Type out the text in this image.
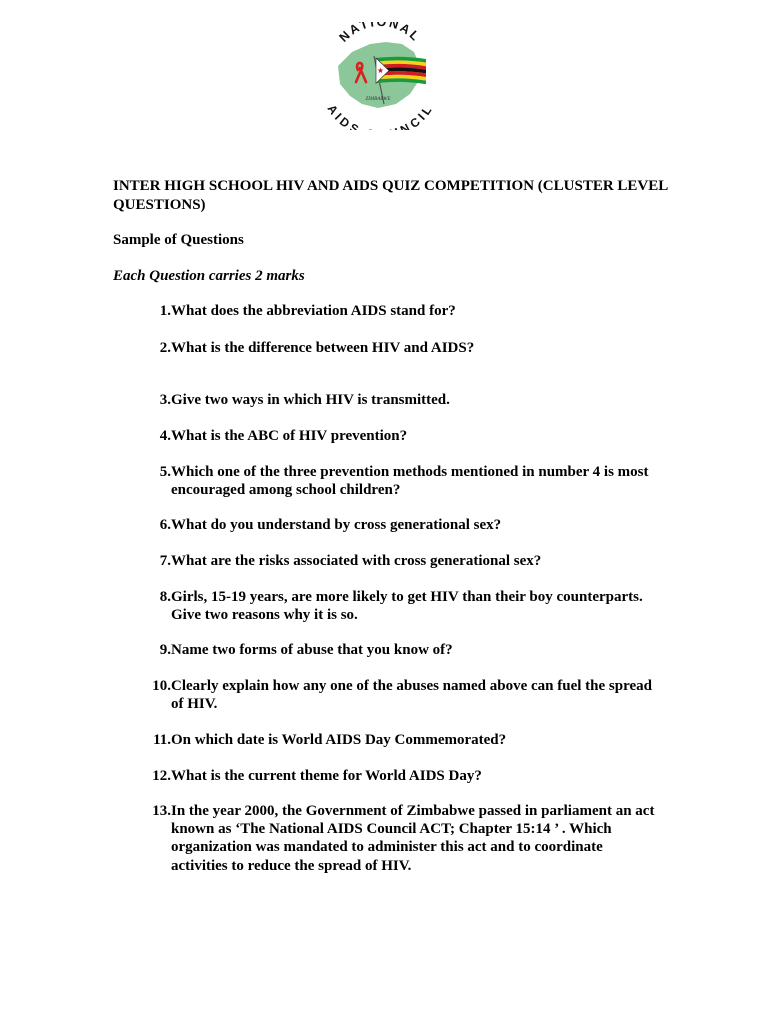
NATIONAL
AIDS NCIL
ZIMBABWE
INTER HIGH SCHOOL HIV AND AIDS QUIZ COMPETITION (CLUSTER LEVEL QUESTIONS)

Sample of Questions

Each Question carries 2 marks

1. What does the abbreviation AIDS stand for?
2. What is the difference between HIV and AIDS?
3. Give two ways in which HIV is transmitted.
4. What is the ABC of HIV prevention?
5. Which one of the three prevention methods mentioned in number 4 is most encouraged among school children?
6. What do you understand by cross generational sex?
7. What are the risks associated with cross generational sex?
8. Girls, 15-19 years, are more likely to get HIV than their boy counterparts. Give two reasons why it is so.
9. Name two forms of abuse that you know of?
10. Clearly explain how any one of the abuses named above can fuel the spread of HIV.
11. On which date is World AIDS Day Commemorated?
12. What is the current theme for World AIDS Day?
13. In the year 2000, the Government of Zimbabwe passed in parliament an act known as ‘The National AIDS Council ACT; Chapter 15:14 ’ . Which organization was mandated to administer this act and to coordinate activities to reduce the spread of HIV.
